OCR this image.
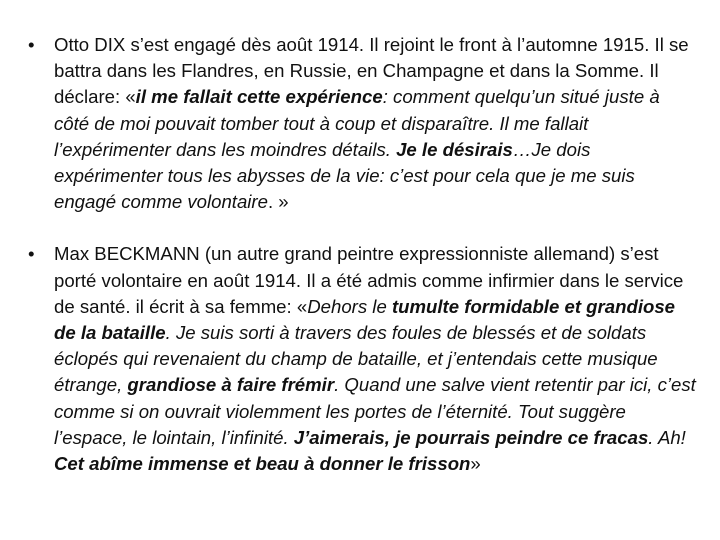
•	Otto DIX s’est engagé dès août 1914. Il rejoint le front à l’automne 1915. Il se battra dans les Flandres, en Russie, en Champagne et dans la Somme. Il déclare: «il me fallait cette expérience: comment quelqu’un situé juste à côté de moi pouvait tomber tout à coup et disparaître. Il me fallait l’expérimenter dans les moindres détails. Je le désirais…Je dois expérimenter tous les abysses de la vie: c’est pour cela que je me suis engagé comme volontaire. »
•	Max BECKMANN (un autre grand peintre expressionniste allemand) s’est porté volontaire en août 1914. Il a été admis comme infirmier dans le service de santé. il écrit à sa femme: «Dehors le tumulte formidable et grandiose de la bataille. Je suis sorti à travers des foules de blessés et de soldats éclopés qui revenaient du champ de bataille, et j’entendais cette musique étrange, grandiose à faire frémir. Quand une salve vient retentir par ici, c’est comme si on ouvrait violemment les portes de l’éternité. Tout suggère l’espace, le lointain, l’infinité. J’aimerais, je pourrais peindre ce fracas. Ah! Cet abîme immense et beau à donner le frisson»
